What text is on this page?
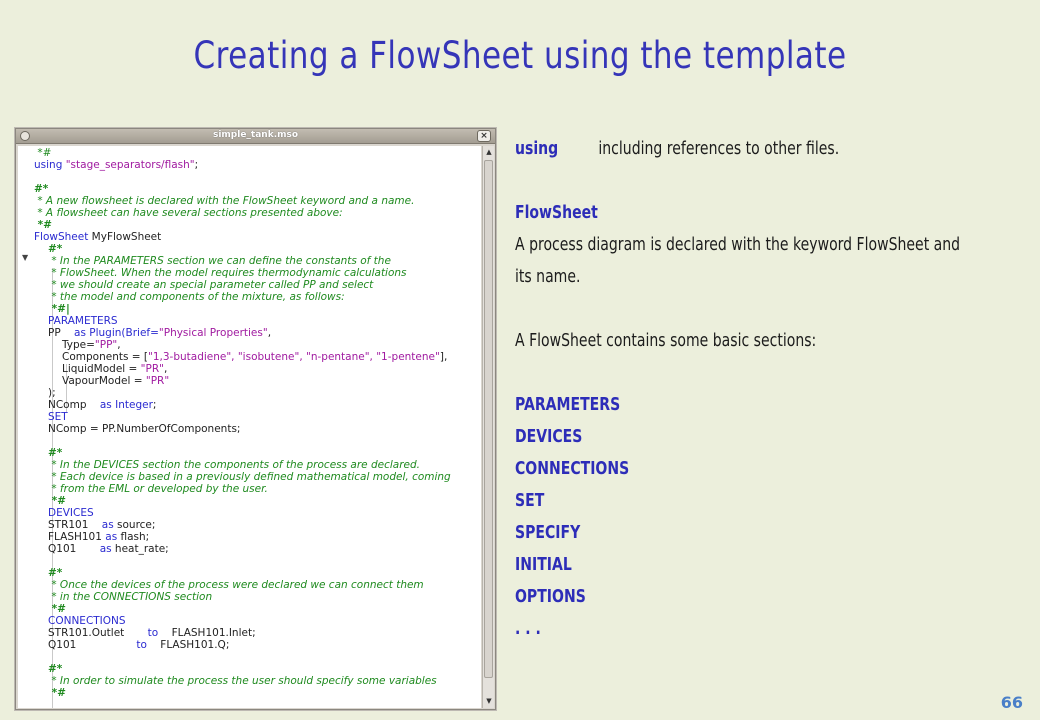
Creating a FlowSheet using the template
simple_tank.mso	×
▼
*#
using "stage_separators/flash";
#*
* A new flowsheet is declared with the FlowSheet keyword and a name.
* A flowsheet can have several sections presented above:
*#
FlowSheet MyFlowSheet
#*
* In the PARAMETERS section we can define the constants of the
* FlowSheet. When the model requires thermodynamic calculations
* we should create an special parameter called PP and select
* the model and components of the mixture, as follows:
*#|
PARAMETERS
PP as Plugin(Brief="Physical Properties",
Type="PP",
Components = ["1,3-butadiene", "isobutene", "n-pentane", "1-pentene"],
LiquidModel = "PR",
VapourModel = "PR"
);
NComp as Integer;
SET
NComp = PP.NumberOfComponents;
#*
* In the DEVICES section the components of the process are declared.
* Each device is based in a previously defined mathematical model, coming
* from the EML or developed by the user.
*#
DEVICES
STR101 as source;
FLASH101 as flash;
Q101 as heat_rate;
#*
* Once the devices of the process were declared we can connect them
* in the CONNECTIONS section
*#
CONNECTIONS
STR101.Outlet to FLASH101.Inlet;
Q101	to FLASH101.Q;
#*
* In order to simulate the process the user should specify some variables
*#
▲
▼
using including references to other files.
FlowSheet
A process diagram is declared with the keyword FlowSheet and
its name.
A FlowSheet contains some basic sections:
PARAMETERS
DEVICES
CONNECTIONS
SET
SPECIFY
INITIAL
OPTIONS
. . .
66
